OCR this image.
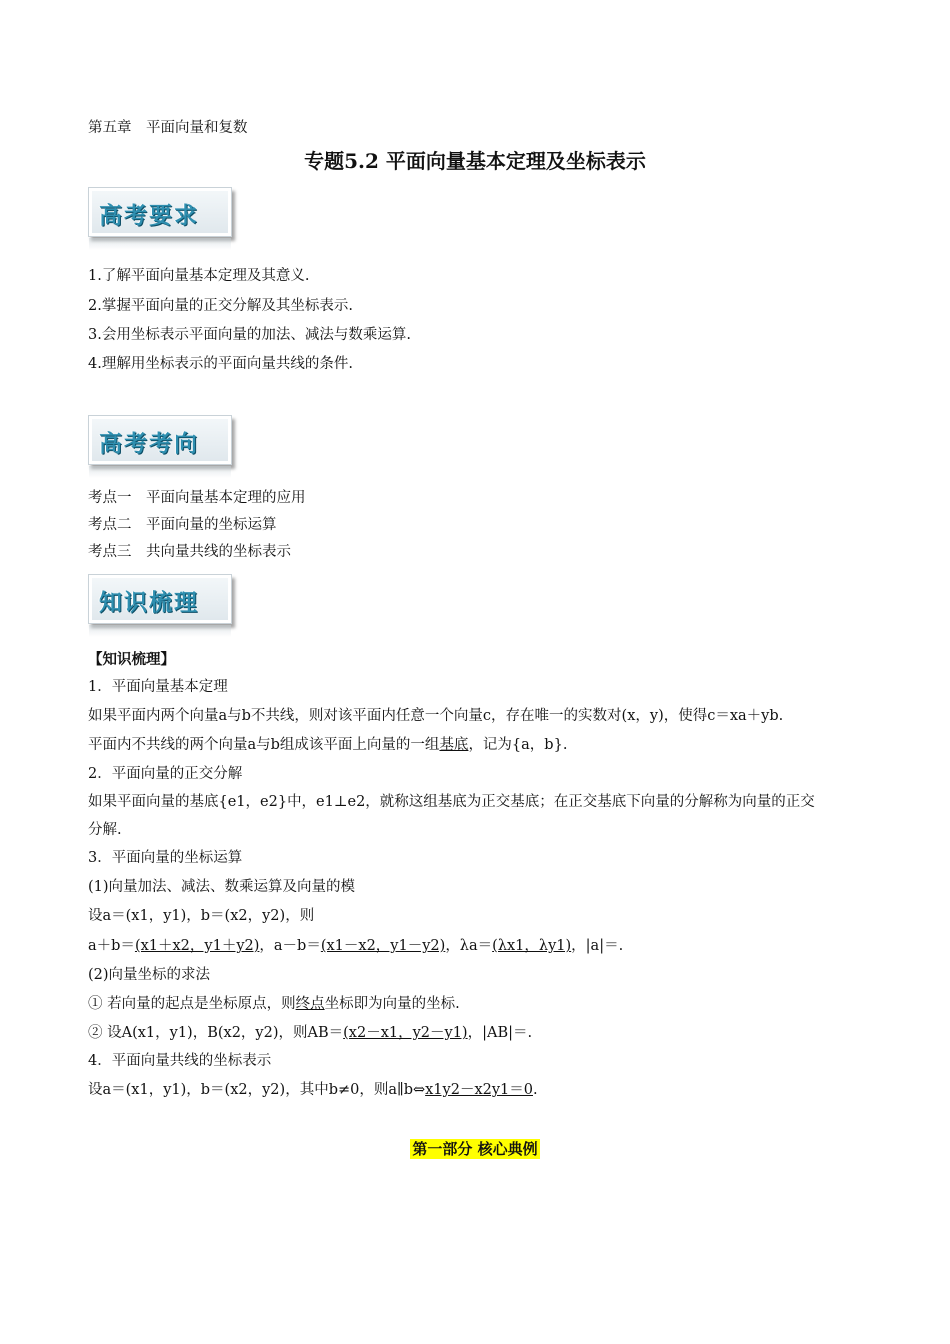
第五章　平面向量和复数
专题5.2 平面向量基本定理及坐标表示
高考要求
1.了解平面向量基本定理及其意义.
2.掌握平面向量的正交分解及其坐标表示.
3.会用坐标表示平面向量的加法、减法与数乘运算.
4.理解用坐标表示的平面向量共线的条件.
高考考向
考点一　平面向量基本定理的应用
考点二　平面向量的坐标运算
考点三　共向量共线的坐标表示
知识梳理
【知识梳理】
1．平面向量基本定理
如果平面内两个向量a与b不共线，则对该平面内任意一个向量c，存在唯一的实数对(x，y)，使得c＝xa＋yb.
平面内不共线的两个向量a与b组成该平面上向量的一组基底，记为{a，b}.
2．平面向量的正交分解
如果平面向量的基底{e1，e2}中，e1⊥e2，就称这组基底为正交基底；在正交基底下向量的分解称为向量的正交
分解.
3．平面向量的坐标运算
(1)向量加法、减法、数乘运算及向量的模
设a＝(x1，y1)，b＝(x2，y2)，则
a＋b＝(x1＋x2，y1＋y2)，a－b＝(x1－x2，y1－y2)，λa＝(λx1，λy1)，|a|＝.
(2)向量坐标的求法
① 若向量的起点是坐标原点，则终点坐标即为向量的坐标.
② 设A(x1，y1)，B(x2，y2)，则AB＝(x2－x1，y2－y1)，|AB|＝.
4．平面向量共线的坐标表示
设a＝(x1，y1)，b＝(x2，y2)，其中b≠0，则a∥b⇔x1y2－x2y1＝0.
第一部分 核心典例
